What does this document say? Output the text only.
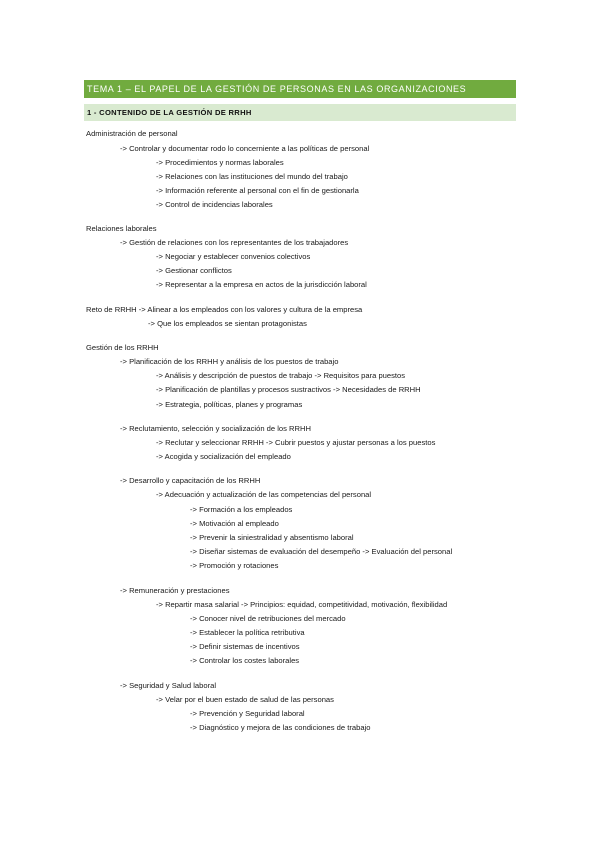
TEMA 1 – EL PAPEL DE LA GESTIÓN DE PERSONAS EN LAS ORGANIZACIONES
1 - CONTENIDO DE LA GESTIÓN DE RRHH
Administración de personal
-> Controlar y documentar rodo lo concerniente a las políticas de personal
-> Procedimientos y normas laborales
-> Relaciones con las instituciones del mundo del trabajo
-> Información referente al personal con el fin de gestionarla
-> Control de incidencias laborales
Relaciones laborales
-> Gestión de relaciones con los representantes de los trabajadores
-> Negociar y establecer convenios colectivos
-> Gestionar conflictos
-> Representar a la empresa en actos de la jurisdicción laboral
Reto de RRHH -> Alinear a los empleados con los valores y cultura de la empresa
-> Que los empleados se sientan protagonistas
Gestión de los RRHH
-> Planificación de los RRHH y análisis de los puestos de trabajo
-> Análisis y descripción de puestos de trabajo -> Requisitos para puestos
-> Planificación de plantillas y procesos sustractivos -> Necesidades de RRHH
-> Estrategia, políticas, planes y programas
-> Reclutamiento, selección y socialización de los RRHH
-> Reclutar y seleccionar RRHH -> Cubrir puestos y ajustar personas a los puestos
-> Acogida y socialización del empleado
-> Desarrollo y capacitación de los RRHH
-> Adecuación y actualización de las competencias del personal
-> Formación a los empleados
-> Motivación al empleado
-> Prevenir la siniestralidad y absentismo laboral
-> Diseñar sistemas de evaluación del desempeño -> Evaluación del personal
-> Promoción y rotaciones
-> Remuneración y prestaciones
-> Repartir masa salarial -> Principios: equidad, competitividad, motivación, flexibilidad
-> Conocer nivel de retribuciones del mercado
-> Establecer la política retributiva
-> Definir sistemas de incentivos
-> Controlar los costes laborales
-> Seguridad y Salud laboral
-> Velar por el buen estado de salud de las personas
-> Prevención y Seguridad laboral
-> Diagnóstico y mejora de las condiciones de trabajo
